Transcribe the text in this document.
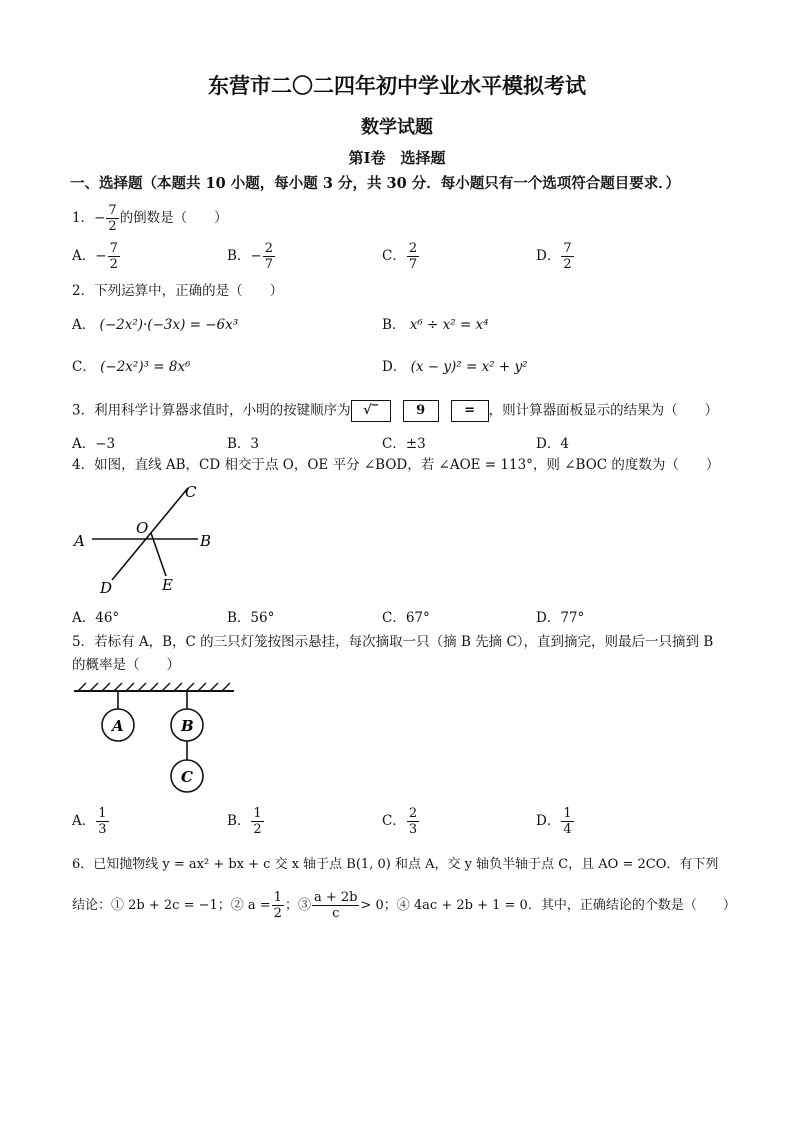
东营市二〇二四年初中学业水平模拟考试
数学试题
第Ⅰ卷　选择题
一、选择题（本题共 10 小题，每小题 3 分，共 30 分．每小题只有一个选项符合题目要求．）
1．− $\frac{7}{2}$ 的倒数是（　　）
A．− $\frac{7}{2}$	B．− $\frac{2}{7}$	C． $\frac{2}{7}$	D． $\frac{7}{2}$
2．下列运算中，正确的是（　　）
A． (−2x²)·(−3x) = −6x³	B． x⁶ ÷ x² = x⁴
C． (−2x²)³ = 8x⁶	D． (x − y)² = x² + y²
3．利用科学计算器求值时，小明的按键顺序为 √‾	9	= ，则计算器面板显示的结果为（　　）
A．−3	B．3	C．±3	D．4
4．如图，直线 AB，CD 相交于点 O，OE 平分 ∠BOD，若 ∠AOE = 113°，则 ∠BOC 的度数为（　　）
A	B
C
D	E
O
A．46°	B．56°	C．67°	D．77°
5．若标有 A，B，C 的三只灯笼按图示悬挂，每次摘取一只（摘 B 先摘 C），直到摘完，则最后一只摘到 B
的概率是（　　）
A	B
C
A． $\frac{1}{3}$	B． $\frac{1}{2}$	C． $\frac{2}{3}$	D． $\frac{1}{4}$
6．已知抛物线 y = ax² + bx + c 交 x 轴于点 B(1, 0) 和点 A，交 y 轴负半轴于点 C，且 AO = 2CO．有下列
结论：① 2b + 2c = −1；② $a = \frac{1}{2}$ ；③ $\frac{a + 2b}{c} > 0$；④ 4ac + 2b + 1 = 0．其中，正确结论的个数是（　　）
